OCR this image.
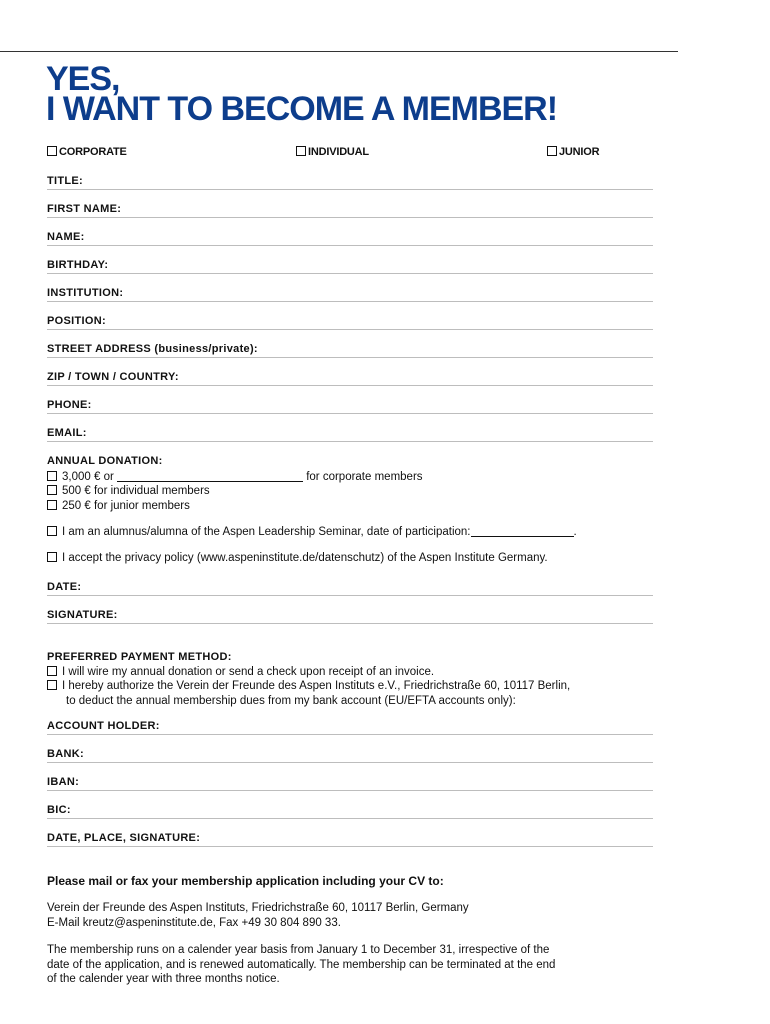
YES,
I WANT TO BECOME A MEMBER!
CORPORATE	INDIVIDUAL	JUNIOR
TITLE:
FIRST NAME:
NAME:
BIRTHDAY:
INSTITUTION:
POSITION:
STREET ADDRESS (business/private):
ZIP / TOWN / COUNTRY:
PHONE:
EMAIL:
ANNUAL DONATION:
3,000 € or	for corporate members
500 € for individual members
250 € for junior members
I am an alumnus/alumna of the Aspen Leadership Seminar, date of participation:	.
I accept the privacy policy (www.aspeninstitute.de/datenschutz) of the Aspen Institute Germany.
DATE:
SIGNATURE:
PREFERRED PAYMENT METHOD:
I will wire my annual donation or send a check upon receipt of an invoice.
I hereby authorize the Verein der Freunde des Aspen Instituts e.V., Friedrichstraße 60, 10117 Berlin,
to deduct the annual membership dues from my bank account (EU/EFTA accounts only):
ACCOUNT HOLDER:
BANK:
IBAN:
BIC:
DATE, PLACE, SIGNATURE:
Please mail or fax your membership application including your CV to:
Verein der Freunde des Aspen Instituts, Friedrichstraße 60, 10117 Berlin, Germany
E-Mail kreutz@aspeninstitute.de, Fax +49 30 804 890 33.
The membership runs on a calender year basis from January 1 to December 31, irrespective of the
date of the application, and is renewed automatically. The membership can be terminated at the end
of the calender year with three months notice.
